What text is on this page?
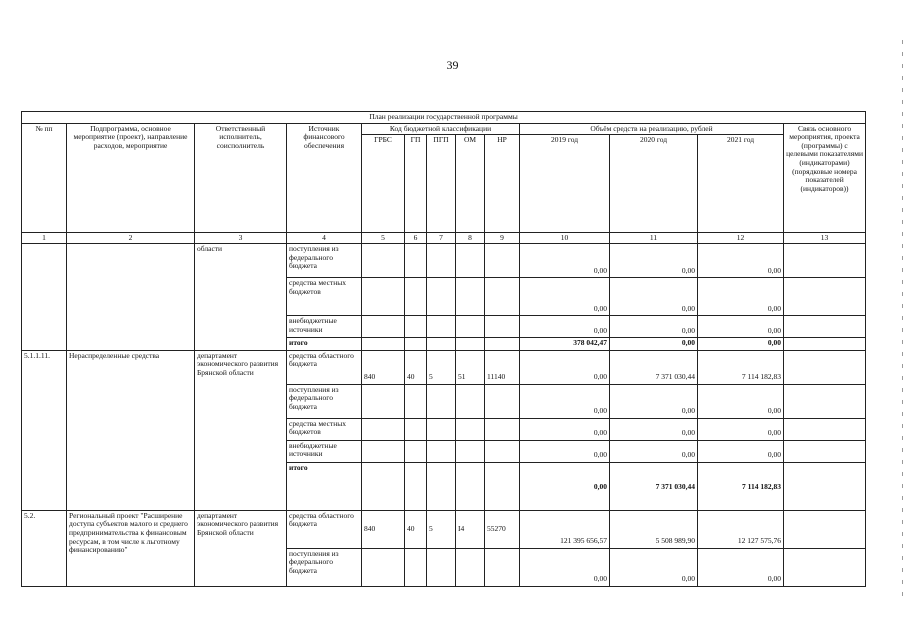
39
План реализации государственной программы												
№ пп	Подпрограмма, основное мероприятие (проект), направление расходов, мероприятие	Ответственный исполнитель, соисполнитель	Источник финансового обеспечения	Код бюджетной классификации					Объём средств на реализацию, рублей			Связь основного мероприятия, проекта (программы) с целевыми показателями (индикаторами) (порядковые номера показателей (индикаторов))
				ГРБС	ГП	ПГП	ОМ	НР	2019 год	2020 год	2021 год	
1	2	3	4	5	6	7	8	9	10	11	12	13
		области	поступления из федерального бюджета						0,00	0,00	0,00	
			средства местных бюджетов						0,00	0,00	0,00	
			внебюджетные источники						0,00	0,00	0,00	
			итого						378 042,47	0,00	0,00	
5.1.1.11.	Нераспределенные средства	департамент экономического развития Брянской области	средства областного бюджета	840	40	5	51	11140	0,00	7 371 030,44	7 114 182,83	
			поступления из федерального бюджета						0,00	0,00	0,00	
			средства местных бюджетов						0,00	0,00	0,00	
			внебюджетные источники						0,00	0,00	0,00	
			итого						0,00	7 371 030,44	7 114 182,83	
5.2.	Региональный проект "Расширение доступа субъектов малого и среднего предпринимательства к финансовым ресурсам, в том числе к льготному финансированию"	департамент экономического развития Брянской области	средства областного бюджета	840	40	5	I4	55270	121 395 656,57	5 508 989,90	12 127 575,76	
			поступления из федерального бюджета						0,00	0,00	0,00	
